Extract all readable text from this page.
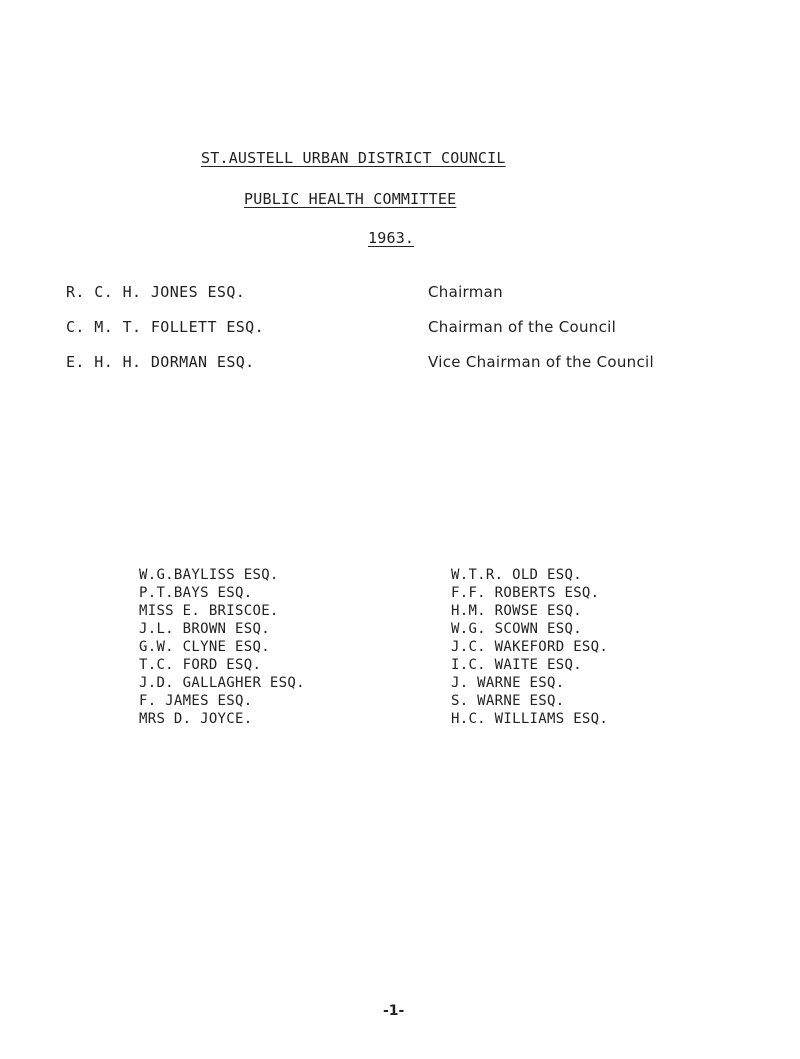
ST.AUSTELL URBAN DISTRICT COUNCIL
PUBLIC HEALTH COMMITTEE
1963.
R. C. H. JONES ESQ.	Chairman
C. M. T. FOLLETT ESQ.	Chairman of the Council
E. H. H. DORMAN ESQ.	Vice Chairman of the Council
W.G.BAYLISS ESQ.
P.T.BAYS ESQ.
MISS E. BRISCOE.
J.L. BROWN ESQ.
G.W. CLYNE ESQ.
T.C. FORD ESQ.
J.D. GALLAGHER ESQ.
F. JAMES ESQ.
MRS D. JOYCE.
W.T.R. OLD ESQ.
F.F. ROBERTS ESQ.
H.M. ROWSE ESQ.
W.G. SCOWN ESQ.
J.C. WAKEFORD ESQ.
I.C. WAITE ESQ.
J. WARNE ESQ.
S. WARNE ESQ.
H.C. WILLIAMS ESQ.
-1-
